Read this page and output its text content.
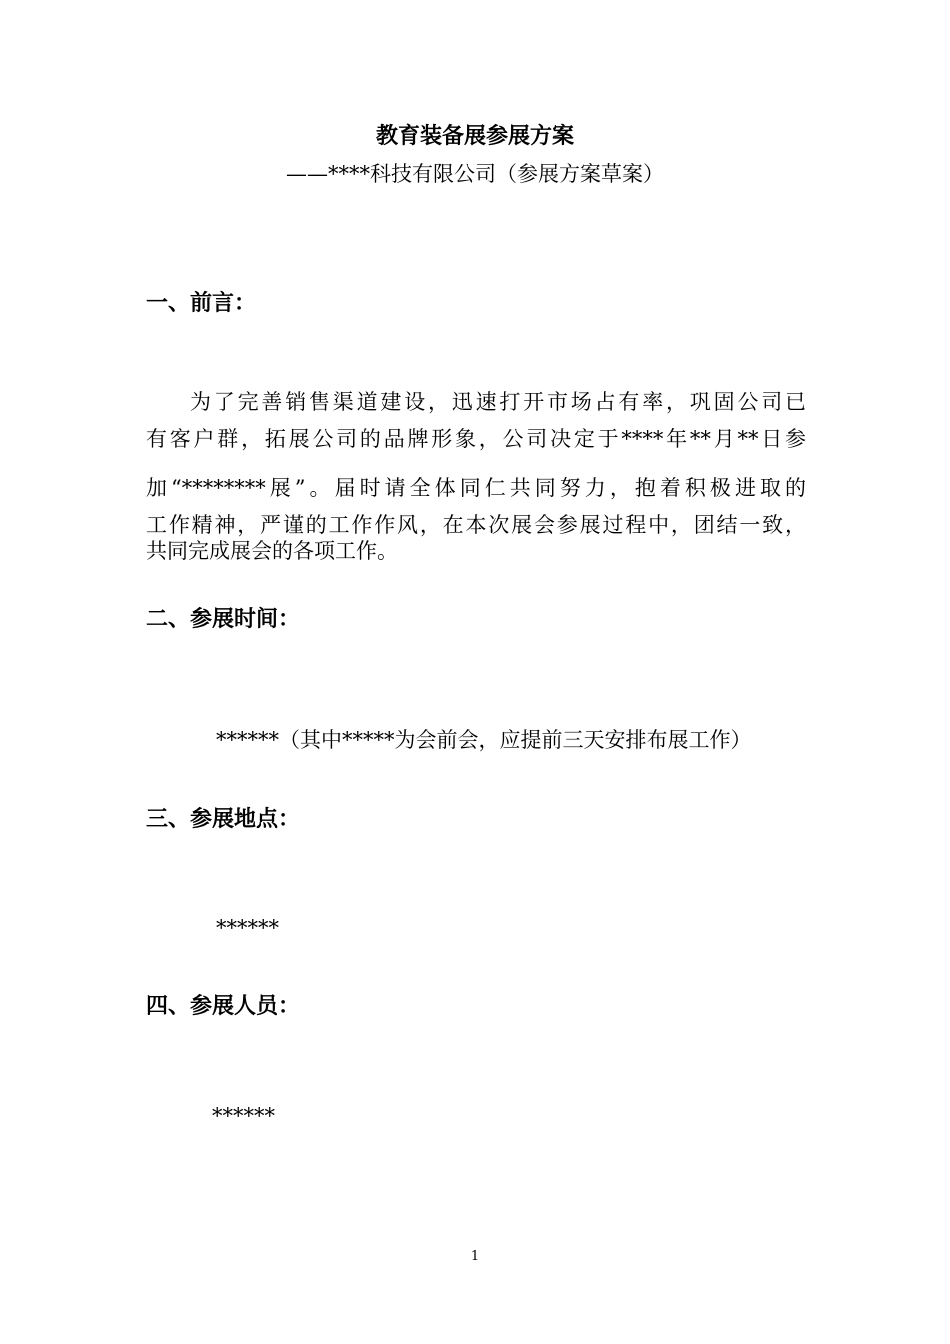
教育装备展参展方案
——****科技有限公司（参展方案草案）
一、前言：
为了完善销售渠道建设，迅速打开市场占有率，巩固公司已
有客户群，拓展公司的品牌形象，公司决定于****年**月**日参
加“********展”。届时请全体同仁共同努力，抱着积极进取的
工作精神，严谨的工作作风，在本次展会参展过程中，团结一致，
共同完成展会的各项工作。
二、参展时间：
******（其中*****为会前会，应提前三天安排布展工作）
三、参展地点：
******
四、参展人员：
******
1
